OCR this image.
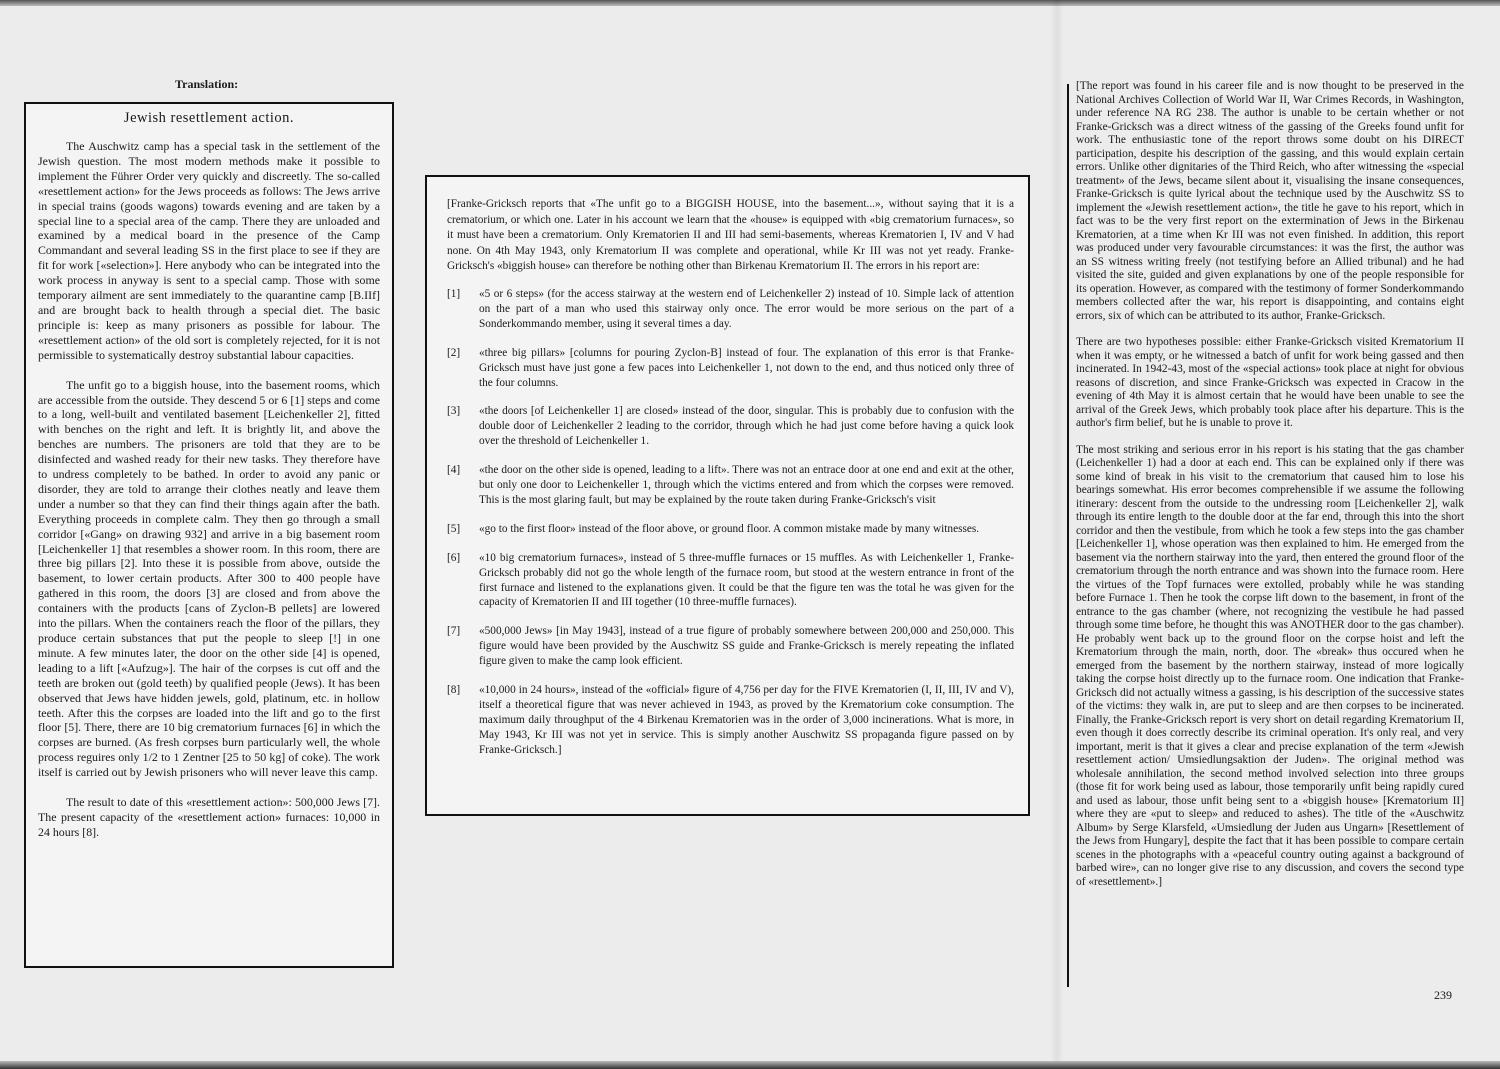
Translation:
Jewish resettlement action.

The Auschwitz camp has a special task in the settlement of the Jewish question. The most modern methods make it possible to implement the Führer Order very quickly and discreetly. The so-called «resettlement action» for the Jews proceeds as follows: The Jews arrive in special trains (goods wagons) towards evening and are taken by a special line to a special area of the camp. There they are unloaded and examined by a medical board in the presence of the Camp Commandant and several leading SS in the first place to see if they are fit for work [«selection»]. Here anybody who can be integrated into the work process in anyway is sent to a special camp. Those with some temporary ailment are sent immediately to the quarantine camp [B.IIf] and are brought back to health through a special diet. The basic principle is: keep as many prisoners as possible for labour. The «resettlement action» of the old sort is completely rejected, for it is not permissible to systematically destroy substantial labour capacities.

The unfit go to a biggish house, into the basement rooms, which are accessible from the outside. They descend 5 or 6 [1] steps and come to a long, well-built and ventilated basement [Leichenkeller 2], fitted with benches on the right and left. It is brightly lit, and above the benches are numbers. The prisoners are told that they are to be disinfected and washed ready for their new tasks. They therefore have to undress completely to be bathed. In order to avoid any panic or disorder, they are told to arrange their clothes neatly and leave them under a number so that they can find their things again after the bath. Everything proceeds in complete calm. They then go through a small corridor [«Gang» on drawing 932] and arrive in a big basement room [Leichenkeller 1] that resembles a shower room. In this room, there are three big pillars [2]. Into these it is possible from above, outside the basement, to lower certain products. After 300 to 400 people have gathered in this room, the doors [3] are closed and from above the containers with the products [cans of Zyclon-B pellets] are lowered into the pillars. When the containers reach the floor of the pillars, they produce certain substances that put the people to sleep [!] in one minute. A few minutes later, the door on the other side [4] is opened, leading to a lift [«Aufzug»]. The hair of the corpses is cut off and the teeth are broken out (gold teeth) by qualified people (Jews). It has been observed that Jews have hidden jewels, gold, platinum, etc. in hollow teeth. After this the corpses are loaded into the lift and go to the first floor [5]. There, there are 10 big crematorium furnaces [6] in which the corpses are burned. (As fresh corpses burn particularly well, the whole process reguires only 1/2 to 1 Zentner [25 to 50 kg] of coke). The work itself is carried out by Jewish prisoners who will never leave this camp.

The result to date of this «resettlement action»: 500,000 Jews [7]. The present capacity of the «resettlement action» furnaces: 10,000 in 24 hours [8].

[Franke-Gricksch reports that «The unfit go to a BIGGISH HOUSE, into the basement...», without saying that it is a crematorium, or which one. Later in his account we learn that the «house» is equipped with «big crematorium furnaces», so it must have been a crematorium. Only Krematorien II and III had semi-basements, whereas Krematorien I, IV and V had none. On 4th May 1943, only Krematorium II was complete and operational, while Kr III was not yet ready. Franke-Gricksch's «biggish house» can therefore be nothing other than Birkenau Krematorium II. The errors in his report are:

[1]	«5 or 6 steps» (for the access stairway at the western end of Leichenkeller 2) instead of 10. Simple lack of attention on the part of a man who used this stairway only once. The error would be more serious on the part of a Sonderkommando member, using it several times a day.
[2]	«three big pillars» [columns for pouring Zyclon-B] instead of four. The explanation of this error is that Franke-Gricksch must have just gone a few paces into Leichenkeller 1, not down to the end, and thus noticed only three of the four columns.
[3]	«the doors [of Leichenkeller 1] are closed» instead of the door, singular. This is probably due to confusion with the double door of Leichenkeller 2 leading to the corridor, through which he had just come before having a quick look over the threshold of Leichenkeller 1.
[4]	«the door on the other side is opened, leading to a lift». There was not an entrace door at one end and exit at the other, but only one door to Leichenkeller 1, through which the victims entered and from which the corpses were removed. This is the most glaring fault, but may be explained by the route taken during Franke-Gricksch's visit
[5]	«go to the first floor» instead of the floor above, or ground floor. A common mistake made by many witnesses.
[6]	«10 big crematorium furnaces», instead of 5 three-muffle furnaces or 15 muffles. As with Leichenkeller 1, Franke-Gricksch probably did not go the whole length of the furnace room, but stood at the western entrance in front of the first furnace and listened to the explanations given. It could be that the figure ten was the total he was given for the capacity of Krematorien II and III together (10 three-muffle furnaces).
[7]	«500,000 Jews» [in May 1943], instead of a true figure of probably somewhere between 200,000 and 250,000. This figure would have been provided by the Auschwitz SS guide and Franke-Gricksch is merely repeating the inflated figure given to make the camp look efficient.
[8]	«10,000 in 24 hours», instead of the «official» figure of 4,756 per day for the FIVE Krematorien (I, II, III, IV and V), itself a theoretical figure that was never achieved in 1943, as proved by the Krematorium coke consumption. The maximum daily throughput of the 4 Birkenau Krematorien was in the order of 3,000 incinerations. What is more, in May 1943, Kr III was not yet in service. This is simply another Auschwitz SS propaganda figure passed on by Franke-Gricksch.]

[The report was found in his career file and is now thought to be preserved in the National Archives Collection of World War II, War Crimes Records, in Washington, under reference NA RG 238. The author is unable to be certain whether or not Franke-Gricksch was a direct witness of the gassing of the Greeks found unfit for work. The enthusiastic tone of the report throws some doubt on his DIRECT participation, despite his description of the gassing, and this would explain certain errors. Unlike other dignitaries of the Third Reich, who after witnessing the «special treatment» of the Jews, became silent about it, visualising the insane consequences, Franke-Gricksch is quite lyrical about the technique used by the Auschwitz SS to implement the «Jewish resettlement action», the title he gave to his report, which in fact was to be the very first report on the extermination of Jews in the Birkenau Krematorien, at a time when Kr III was not even finished. In addition, this report was produced under very favourable circumstances: it was the first, the author was an SS witness writing freely (not testifying before an Allied tribunal) and he had visited the site, guided and given explanations by one of the people responsible for its operation. However, as compared with the testimony of former Sonderkommando members collected after the war, his report is disappointing, and contains eight errors, six of which can be attributed to its author, Franke-Gricksch.

There are two hypotheses possible: either Franke-Gricksch visited Krematorium II when it was empty, or he witnessed a batch of unfit for work being gassed and then incinerated. In 1942-43, most of the «special actions» took place at night for obvious reasons of discretion, and since Franke-Gricksch was expected in Cracow in the evening of 4th May it is almost certain that he would have been unable to see the arrival of the Greek Jews, which probably took place after his departure. This is the author's firm belief, but he is unable to prove it.

The most striking and serious error in his report is his stating that the gas chamber (Leichenkeller 1) had a door at each end. This can be explained only if there was some kind of break in his visit to the crematorium that caused him to lose his bearings somewhat. His error becomes comprehensible if we assume the following itinerary: descent from the outside to the undressing room [Leichenkeller 2], walk through its entire length to the double door at the far end, through this into the short corridor and then the vestibule, from which he took a few steps into the gas chamber [Leichenkeller 1], whose operation was then explained to him. He emerged from the basement via the northern stairway into the yard, then entered the ground floor of the crematorium through the north entrance and was shown into the furnace room. Here the virtues of the Topf furnaces were extolled, probably while he was standing before Furnace 1. Then he took the corpse lift down to the basement, in front of the entrance to the gas chamber (where, not recognizing the vestibule he had passed through some time before, he thought this was ANOTHER door to the gas chamber). He probably went back up to the ground floor on the corpse hoist and left the Krematorium through the main, north, door. The «break» thus occured when he emerged from the basement by the northern stairway, instead of more logically taking the corpse hoist directly up to the furnace room. One indication that Franke-Gricksch did not actually witness a gassing, is his description of the successive states of the victims: they walk in, are put to sleep and are then corpses to be incinerated. Finally, the Franke-Gricksch report is very short on detail regarding Krematorium II, even though it does correctly describe its criminal operation. It's only real, and very important, merit is that it gives a clear and precise explanation of the term «Jewish resettlement action/ Umsiedlungsaktion der Juden». The original method was wholesale annihilation, the second method involved selection into three groups (those fit for work being used as labour, those temporarily unfit being rapidly cured and used as labour, those unfit being sent to a «biggish house» [Krematorium II] where they are «put to sleep» and reduced to ashes). The title of the «Auschwitz Album» by Serge Klarsfeld, «Umsiedlung der Juden aus Ungarn» [Resettlement of the Jews from Hungary], despite the fact that it has been possible to compare certain scenes in the photographs with a «peaceful country outing against a background of barbed wire», can no longer give rise to any discussion, and covers the second type of «resettlement».]

239
